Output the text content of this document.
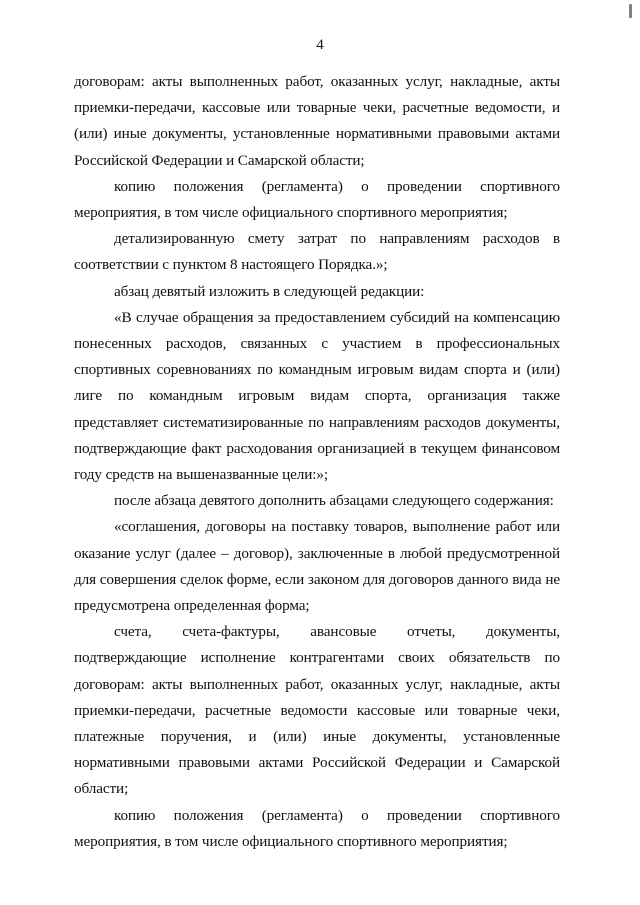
4

договорам: акты выполненных работ, оказанных услуг, накладные, акты приемки-передачи, кассовые или товарные чеки, расчетные ведомости, и (или) иные документы, установленные нормативными правовыми актами Российской Федерации и Самарской области;

копию положения (регламента) о проведении спортивного мероприятия, в том числе официального спортивного мероприятия;

детализированную смету затрат по направлениям расходов в соответствии с пунктом 8 настоящего Порядка.»;

абзац девятый изложить в следующей редакции:

«В случае обращения за предоставлением субсидий на компенсацию понесенных расходов, связанных с участием в профессиональных спортивных соревнованиях по командным игровым видам спорта и (или) лиге по командным игровым видам спорта, организация также представляет систематизированные по направлениям расходов документы, подтверждающие факт расходования организацией в текущем финансовом году средств на вышеназванные цели:»;

после абзаца девятого дополнить абзацами следующего содержания:

«соглашения, договоры на поставку товаров, выполнение работ или оказание услуг (далее – договор), заключенные в любой предусмотренной для совершения сделок форме, если законом для договоров данного вида не предусмотрена определенная форма;

счета, счета-фактуры, авансовые отчеты, документы, подтверждающие исполнение контрагентами своих обязательств по договорам: акты выполненных работ, оказанных услуг, накладные, акты приемки-передачи, расчетные ведомости кассовые или товарные чеки, платежные поручения, и (или) иные документы, установленные нормативными правовыми актами Российской Федерации и Самарской области;

копию положения (регламента) о проведении спортивного мероприятия, в том числе официального спортивного мероприятия;
